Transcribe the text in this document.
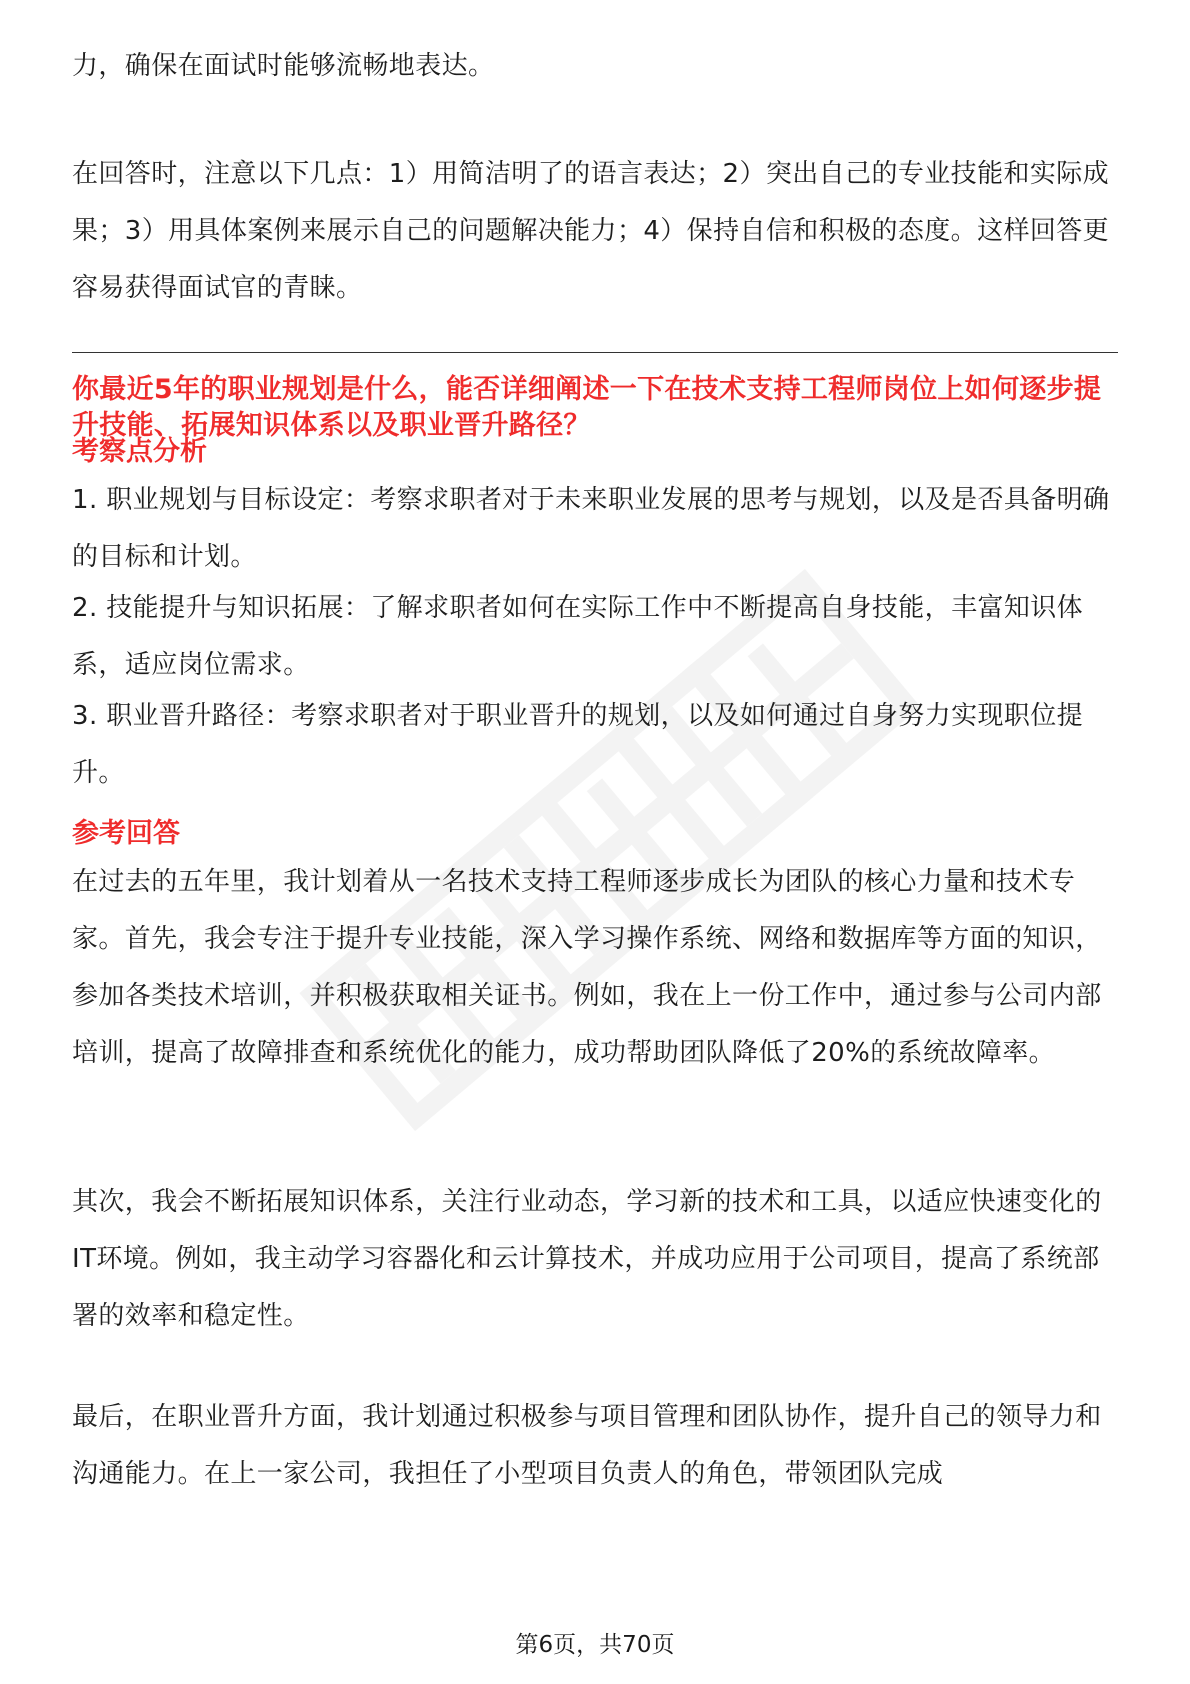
力，确保在面试时能够流畅地表达。

在回答时，注意以下几点：1）用简洁明了的语言表达；2）突出自己的专业技能和实际成果；3）用具体案例来展示自己的问题解决能力；4）保持自信和积极的态度。这样回答更容易获得面试官的青睐。

你最近5年的职业规划是什么，能否详细阐述一下在技术支持工程师岗位上如何逐步提升技能、拓展知识体系以及职业晋升路径？
考察点分析

1. 职业规划与目标设定：考察求职者对于未来职业发展的思考与规划，以及是否具备明确的目标和计划。

2. 技能提升与知识拓展：了解求职者如何在实际工作中不断提高自身技能，丰富知识体系，适应岗位需求。

3. 职业晋升路径：考察求职者对于职业晋升的规划，以及如何通过自身努力实现职位提升。

参考回答

在过去的五年里，我计划着从一名技术支持工程师逐步成长为团队的核心力量和技术专家。首先，我会专注于提升专业技能，深入学习操作系统、网络和数据库等方面的知识，参加各类技术培训，并积极获取相关证书。例如，我在上一份工作中，通过参与公司内部培训，提高了故障排查和系统优化的能力，成功帮助团队降低了20%的系统故障率。

其次，我会不断拓展知识体系，关注行业动态，学习新的技术和工具，以适应快速变化的IT环境。例如，我主动学习容器化和云计算技术，并成功应用于公司项目，提高了系统部署的效率和稳定性。

最后，在职业晋升方面，我计划通过积极参与项目管理和团队协作，提升自己的领导力和沟通能力。在上一家公司，我担任了小型项目负责人的角色，带领团队完成

第6页，共70页
